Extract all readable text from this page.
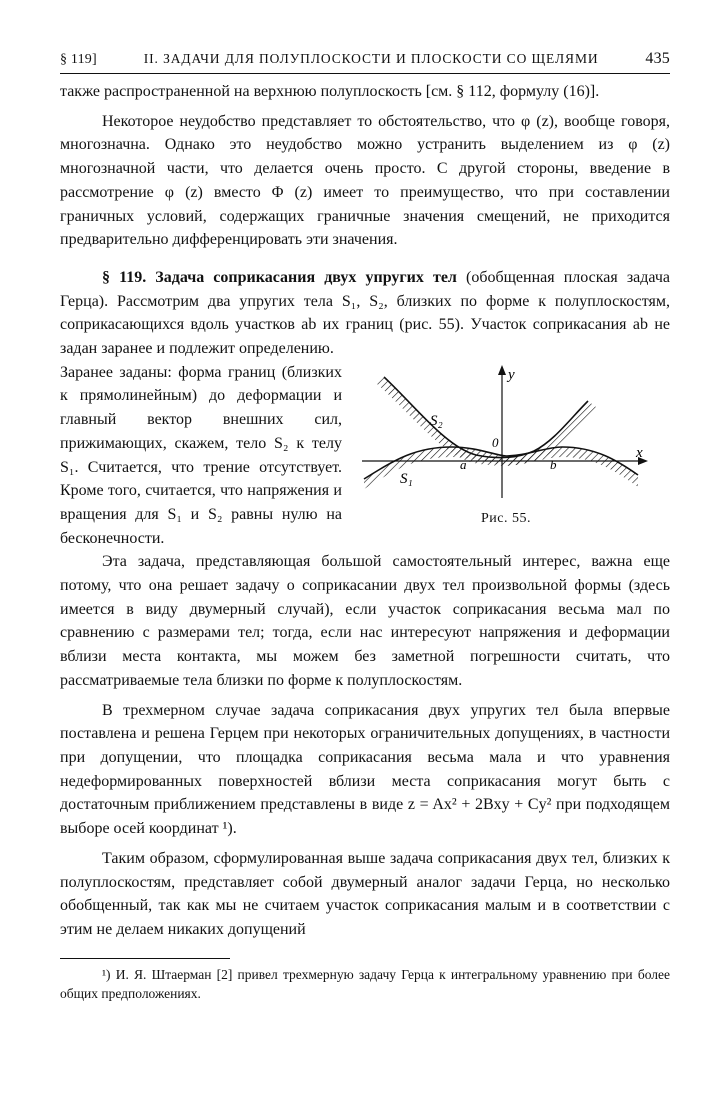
§ 119]	II. ЗАДАЧИ ДЛЯ ПОЛУПЛОСКОСТИ И ПЛОСКОСТИ СО ЩЕЛЯМИ	435

также распространенной на верхнюю полуплоскость [см. § 112, формулу (16)].

Некоторое неудобство представляет то обстоятельство, что φ (z), вообще говоря, многозначна. Однако это неудобство можно устранить выделением из φ (z) многозначной части, что делается очень просто. С другой стороны, введение в рассмотрение φ (z) вместо Φ (z) имеет то преимущество, что при составлении граничных условий, содержащих граничные значения смещений, не приходится предварительно дифференцировать эти значения.

§ 119. Задача соприкасания двух упругих тел (обобщенная плоская задача Герца). Рассмотрим два упругих тела S₁, S₂, близких по форме к полуплоскостям, соприкасающихся вдоль участков ab их границ (рис. 55). Участок соприкасания ab не задан заранее и подлежит определению.

Заранее заданы: форма границ (близких к прямолинейным) до деформации и главный вектор внешних сил, прижимающих, скажем, тело S₂ к телу S₁. Считается, что трение отсутствует. Кроме того, считается, что напряжения и вращения для S₁ и S₂ равны нулю на бесконечности.

y
x
S₂
S₁
0
a	b
Рис. 55.

Эта задача, представляющая большой самостоятельный интерес, важна еще потому, что она решает задачу о соприкасании двух тел произвольной формы (здесь имеется в виду двумерный случай), если участок соприкасания весьма мал по сравнению с размерами тел; тогда, если нас интересуют напряжения и деформации вблизи места контакта, мы можем без заметной погрешности считать, что рассматриваемые тела близки по форме к полуплоскостям.

В трехмерном случае задача соприкасания двух упругих тел была впервые поставлена и решена Герцем при некоторых ограничительных допущениях, в частности при допущении, что площадка соприкасания весьма мала и что уравнения недеформированных поверхностей вблизи места соприкасания могут быть с достаточным приближением представлены в виде z = Ax² + 2Bxy + Cy² при подходящем выборе осей координат ¹).

Таким образом, сформулированная выше задача соприкасания двух тел, близких к полуплоскостям, представляет собой двумерный аналог задачи Герца, но несколько обобщенный, так как мы не считаем участок соприкасания малым и в соответствии с этим не делаем никаких допущений

¹) И. Я. Штаерман [2] привел трехмерную задачу Герца к интегральному уравнению при более общих предположениях.
